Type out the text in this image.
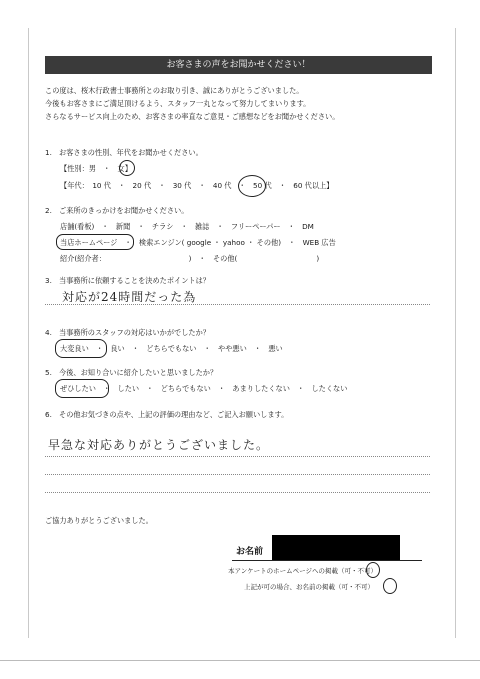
お客さまの声をお聞かせください！
この度は、桜木行政書士事務所とのお取り引き、誠にありがとうございました。
今後もお客さまにご満足頂けるよう、スタッフ一丸となって努力してまいります。
さらなるサービス向上のため、お客さまの率直なご意見・ご感想などをお聞かせください。
1.　お客さまの性別、年代をお聞かせください。
【性別：男　・　女】
【年代：　10 代　・　20 代　・　30 代　・　40 代　・　50 代　・　60 代以上】
2.　ご来所のきっかけをお聞かせください。
店舗(看板)　・　新聞　・　チラシ　・　雑誌　・　フリーペーパー　・　DM
当店ホームページ　・　検索エンジン( google ・ yahoo ・ その他)　・　WEB 広告
紹介(紹介者：　　　　　　　　　　　　)　・　その他(　　　　　　　　　　　)
3.　当事務所に依頼することを決めたポイントは？
対応が24時間だった為
4.　当事務所のスタッフの対応はいかがでしたか？
大変良い　・　良い　・　どちらでもない　・　やや悪い　・　悪い
5.　今後、お知り合いに紹介したいと思いましたか？
ぜひしたい　・　したい　・　どちらでもない　・　あまりしたくない　・　したくない
6.　その他お気づきの点や、上記の評価の理由など、ご記入お願いします。
早急な対応ありがとうございました。
ご協力ありがとうございました。
お名前
本アンケートのホームページへの掲載（可・不可）
上記が可の場合、お名前の掲載（可・不可）
